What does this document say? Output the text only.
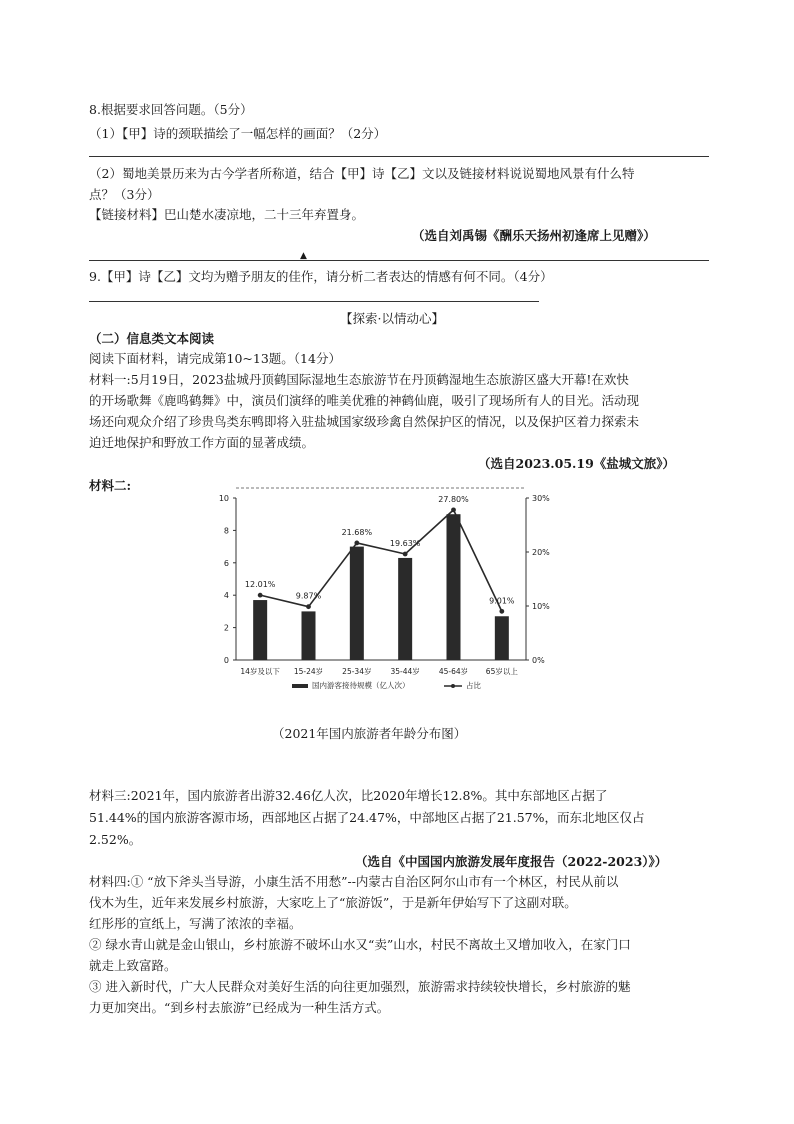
8.根据要求回答问题。（5分）
（1）【甲】诗的颈联描绘了一幅怎样的画面？（2分）
（2）蜀地美景历来为古今学者所称道，结合【甲】诗【乙】文以及链接材料说说蜀地风景有什么特
点？（3分）
【链接材料】巴山楚水凄凉地，二十三年弃置身。
（选自刘禹锡《酬乐天扬州初逢席上见赠》）
▲
9.【甲】诗【乙】文均为赠予朋友的佳作，请分析二者表达的情感有何不同。（4分）
【探索·以情动心】
（二）信息类文本阅读
阅读下面材料，请完成第10~13题。（14分）
材料一:5月19日，2023盐城丹顶鹤国际湿地生态旅游节在丹顶鹤湿地生态旅游区盛大开幕!在欢快
的开场歌舞《鹿鸣鹤舞》中，演员们演绎的唯美优雅的神鹤仙鹿，吸引了现场所有人的目光。活动现
场还向观众介绍了珍贵鸟类东鸭即将入驻盐城国家级珍禽自然保护区的情况，以及保护区着力探索未
迫迁地保护和野放工作方面的显著成绩。
（选自2023.05.19《盐城文旅》）
材料二:
0
2
4
6
8
10
0%
10%
20%
30%
14岁及以下 15-24岁	25-34岁	35-44岁	45-64岁 65岁以上
12.01%
9.87%
21.68%
19.63%
27.80%
9.01%
国内游客接待规模（亿人次）	占比
（2021年国内旅游者年龄分布图）
材料三:2021年，国内旅游者出游32.46亿人次，比2020年增长12.8%。其中东部地区占据了
51.44%的国内旅游客源市场，西部地区占据了24.47%，中部地区占据了21.57%，而东北地区仅占
2.52%。
（选自《中国国内旅游发展年度报告（2022-2023）》）
材料四:① “放下斧头当导游，小康生活不用愁”--内蒙古自治区阿尔山市有一个林区，村民从前以
伐木为生，近年来发展乡村旅游，大家吃上了“旅游饭”，于是新年伊始写下了这副对联。
红彤彤的宣纸上，写满了浓浓的幸福。
② 绿水青山就是金山银山，乡村旅游不破坏山水又“卖”山水，村民不离故土又增加收入，在家门口
就走上致富路。
③ 进入新时代，广大人民群众对美好生活的向往更加强烈，旅游需求持续较快增长，乡村旅游的魅
力更加突出。“到乡村去旅游”已经成为一种生活方式。
